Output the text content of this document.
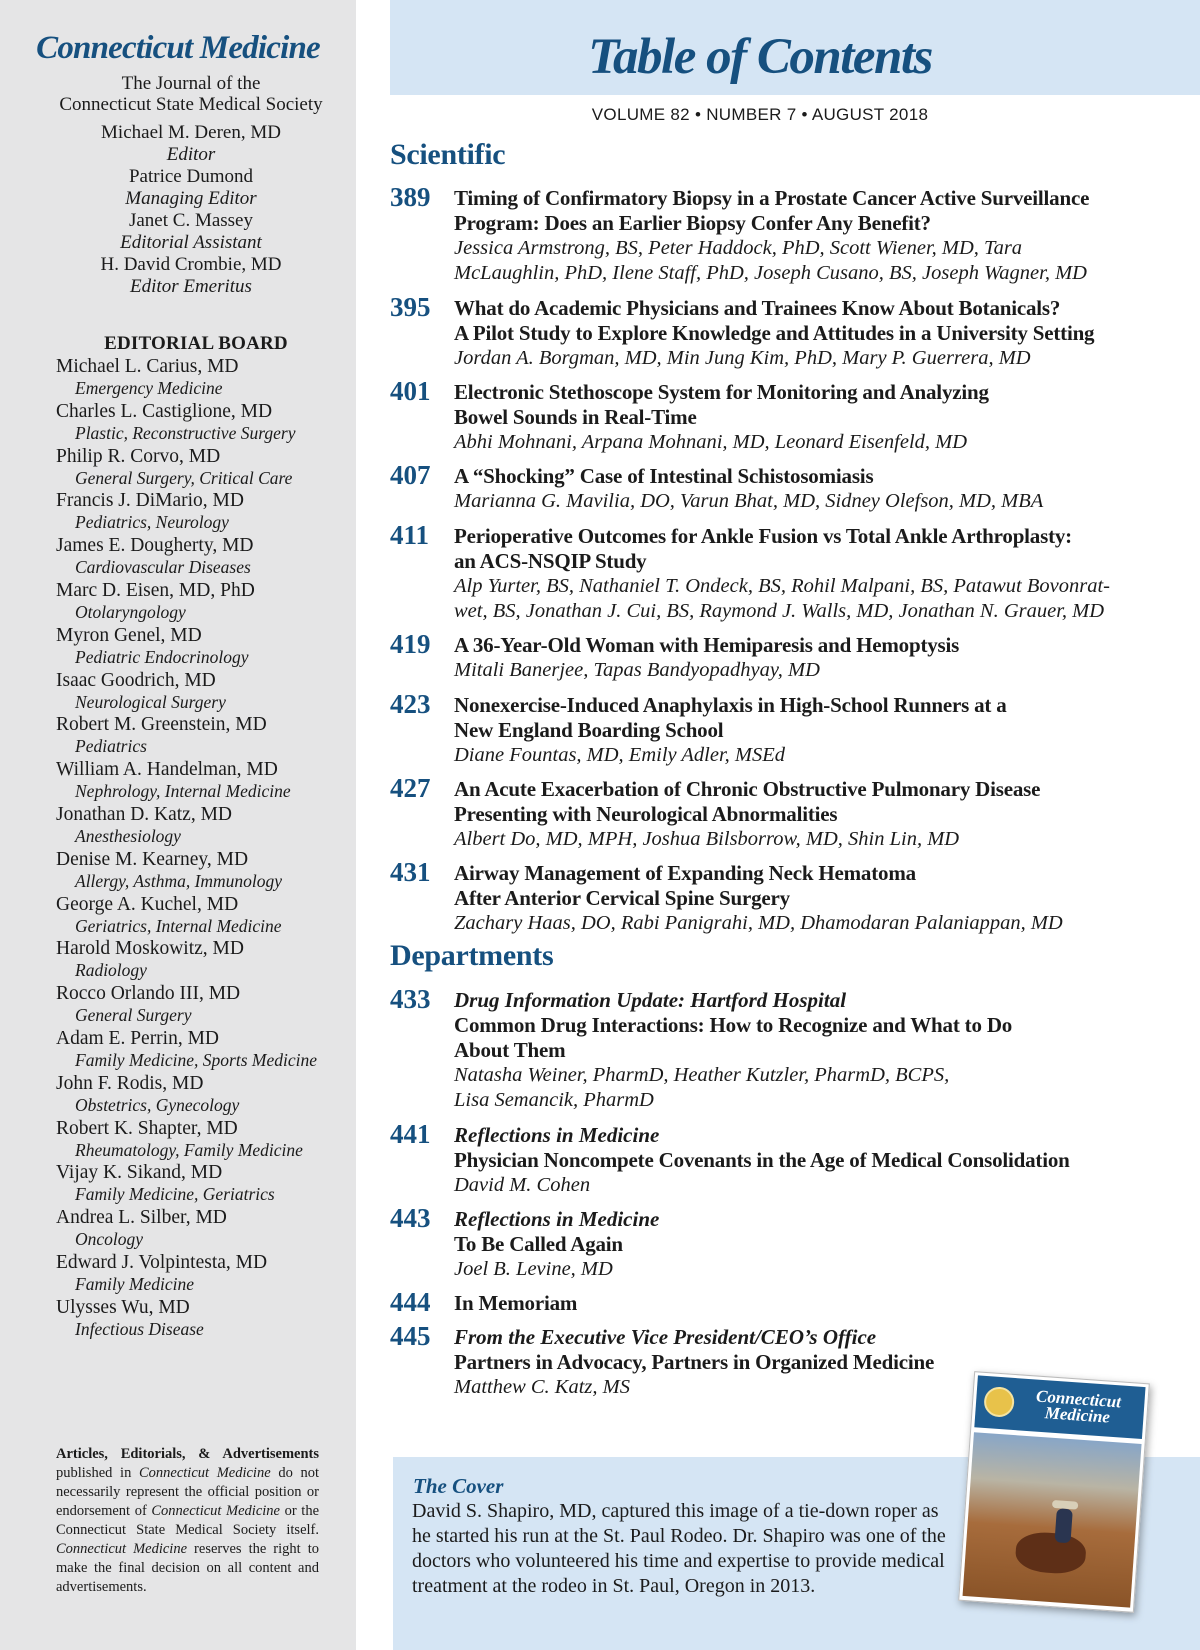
Connecticut Medicine
The Journal of the
Connecticut State Medical Society
Michael M. Deren, MD
Editor
Patrice Dumond
Managing Editor
Janet C. Massey
Editorial Assistant
H. David Crombie, MD
Editor Emeritus
EDITORIAL BOARD
Michael L. Carius, MD
Emergency Medicine
Charles L. Castiglione, MD
Plastic, Reconstructive Surgery
Philip R. Corvo, MD
General Surgery, Critical Care
Francis J. DiMario, MD
Pediatrics, Neurology
James E. Dougherty, MD
Cardiovascular Diseases
Marc D. Eisen, MD, PhD
Otolaryngology
Myron Genel, MD
Pediatric Endocrinology
Isaac Goodrich, MD
Neurological Surgery
Robert M. Greenstein, MD
Pediatrics
William A. Handelman, MD
Nephrology, Internal Medicine
Jonathan D. Katz, MD
Anesthesiology
Denise M. Kearney, MD
Allergy, Asthma, Immunology
George A. Kuchel, MD
Geriatrics, Internal Medicine
Harold Moskowitz, MD
Radiology
Rocco Orlando III, MD
General Surgery
Adam E. Perrin, MD
Family Medicine, Sports Medicine
John F. Rodis, MD
Obstetrics, Gynecology
Robert K. Shapter, MD
Rheumatology, Family Medicine
Vijay K. Sikand, MD
Family Medicine, Geriatrics
Andrea L. Silber, MD
Oncology
Edward J. Volpintesta, MD
Family Medicine
Ulysses Wu, MD
Infectious Disease
Articles, Editorials, & Advertisements published in Connecticut Medicine do not necessarily represent the official position or endorsement of Connecticut Medicine or the Connecticut State Medical Society itself. Connecticut Medicine reserves the right to make the final decision on all content and advertisements.
Table of Contents
VOLUME 82 • NUMBER 7 • AUGUST 2018
Scientific
389 Timing of Confirmatory Biopsy in a Prostate Cancer Active Surveillance
Program: Does an Earlier Biopsy Confer Any Benefit?
Jessica Armstrong, BS, Peter Haddock, PhD, Scott Wiener, MD, Tara
McLaughlin, PhD, Ilene Staff, PhD, Joseph Cusano, BS, Joseph Wagner, MD
395 What do Academic Physicians and Trainees Know About Botanicals?
A Pilot Study to Explore Knowledge and Attitudes in a University Setting
Jordan A. Borgman, MD, Min Jung Kim, PhD, Mary P. Guerrera, MD
401 Electronic Stethoscope System for Monitoring and Analyzing
Bowel Sounds in Real-Time
Abhi Mohnani, Arpana Mohnani, MD, Leonard Eisenfeld, MD
407 A “Shocking” Case of Intestinal Schistosomiasis
Marianna G. Mavilia, DO, Varun Bhat, MD, Sidney Olefson, MD, MBA
411 Perioperative Outcomes for Ankle Fusion vs Total Ankle Arthroplasty:
an ACS-NSQIP Study
Alp Yurter, BS, Nathaniel T. Ondeck, BS, Rohil Malpani, BS, Patawut Bovonrat-
wet, BS, Jonathan J. Cui, BS, Raymond J. Walls, MD, Jonathan N. Grauer, MD
419 A 36-Year-Old Woman with Hemiparesis and Hemoptysis
Mitali Banerjee, Tapas Bandyopadhyay, MD
423 Nonexercise-Induced Anaphylaxis in High-School Runners at a
New England Boarding School
Diane Fountas, MD, Emily Adler, MSEd
427 An Acute Exacerbation of Chronic Obstructive Pulmonary Disease
Presenting with Neurological Abnormalities
Albert Do, MD, MPH, Joshua Bilsborrow, MD, Shin Lin, MD
431 Airway Management of Expanding Neck Hematoma
After Anterior Cervical Spine Surgery
Zachary Haas, DO, Rabi Panigrahi, MD, Dhamodaran Palaniappan, MD
Departments
433 Drug Information Update: Hartford Hospital
Common Drug Interactions: How to Recognize and What to Do
About Them
Natasha Weiner, PharmD, Heather Kutzler, PharmD, BCPS,
Lisa Semancik, PharmD
441 Reflections in Medicine
Physician Noncompete Covenants in the Age of Medical Consolidation
David M. Cohen
443 Reflections in Medicine
To Be Called Again
Joel B. Levine, MD
444 In Memoriam
445 From the Executive Vice President/CEO’s Office
Partners in Advocacy, Partners in Organized Medicine
Matthew C. Katz, MS
The Cover
David S. Shapiro, MD, captured this image of a tie-down roper as he started his run at the St. Paul Rodeo. Dr. Shapiro was one of the doctors who volunteered his time and expertise to provide medical treatment at the rodeo in St. Paul, Oregon in 2013.
Connecticut Medicine
